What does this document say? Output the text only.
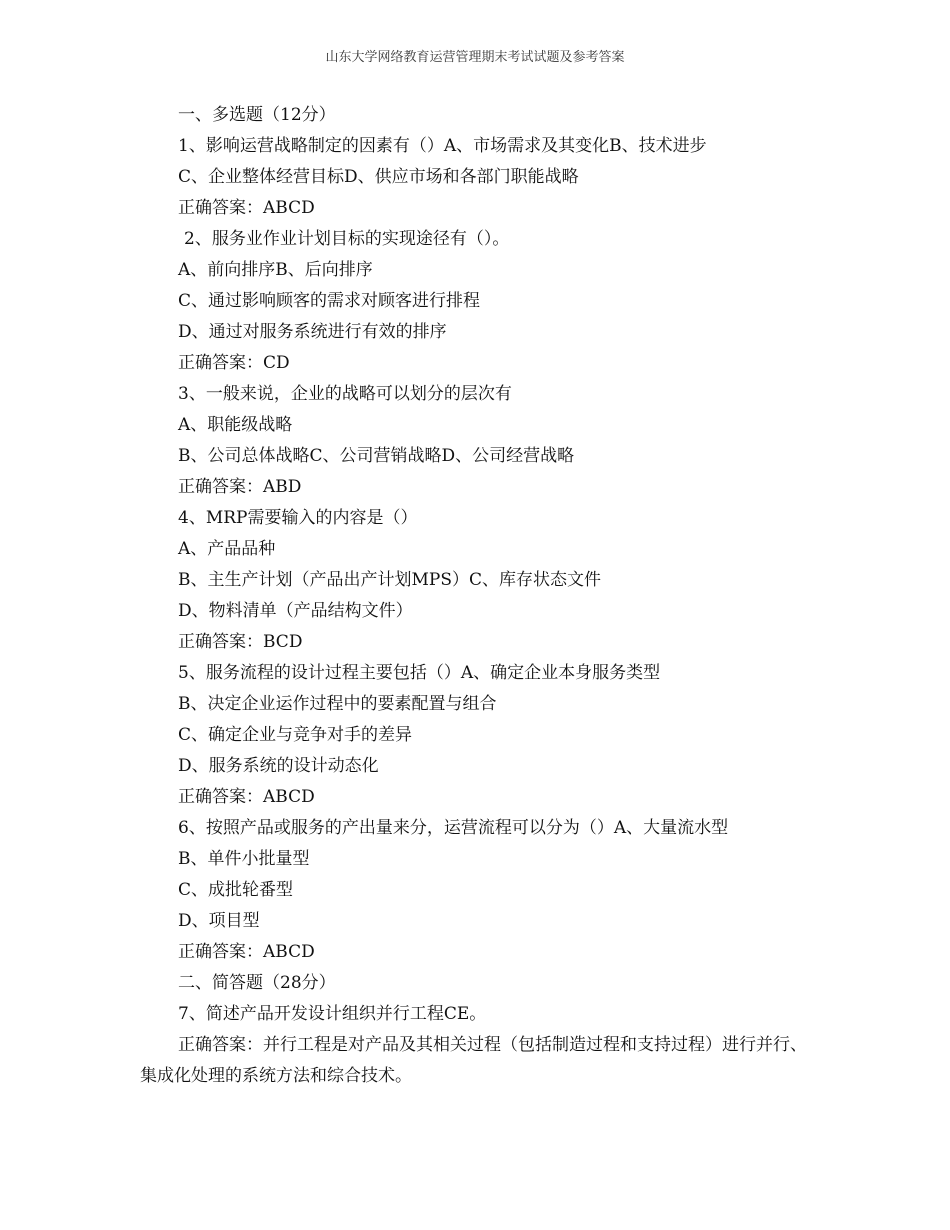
山东大学网络教育运营管理期末考试试题及参考答案
一、多选题（12分）
1、影响运营战略制定的因素有（）A、市场需求及其变化B、技术进步
C、企业整体经营目标D、供应市场和各部门职能战略
正确答案：ABCD
2、服务业作业计划目标的实现途径有（）。
A、前向排序B、后向排序
C、通过影响顾客的需求对顾客进行排程
D、通过对服务系统进行有效的排序
正确答案：CD
3、一般来说，企业的战略可以划分的层次有
A、职能级战略
B、公司总体战略C、公司营销战略D、公司经营战略
正确答案：ABD
4、MRP需要输入的内容是（）
A、产品品种
B、主生产计划（产品出产计划MPS）C、库存状态文件
D、物料清单（产品结构文件）
正确答案：BCD
5、服务流程的设计过程主要包括（）A、确定企业本身服务类型
B、决定企业运作过程中的要素配置与组合
C、确定企业与竞争对手的差异
D、服务系统的设计动态化
正确答案：ABCD
6、按照产品或服务的产出量来分，运营流程可以分为（）A、大量流水型
B、单件小批量型
C、成批轮番型
D、项目型
正确答案：ABCD
二、简答题（28分）
7、简述产品开发设计组织并行工程CE。

正确答案：并行工程是对产品及其相关过程（包括制造过程和支持过程）进行并行、集成化处理的系统方法和综合技术。
